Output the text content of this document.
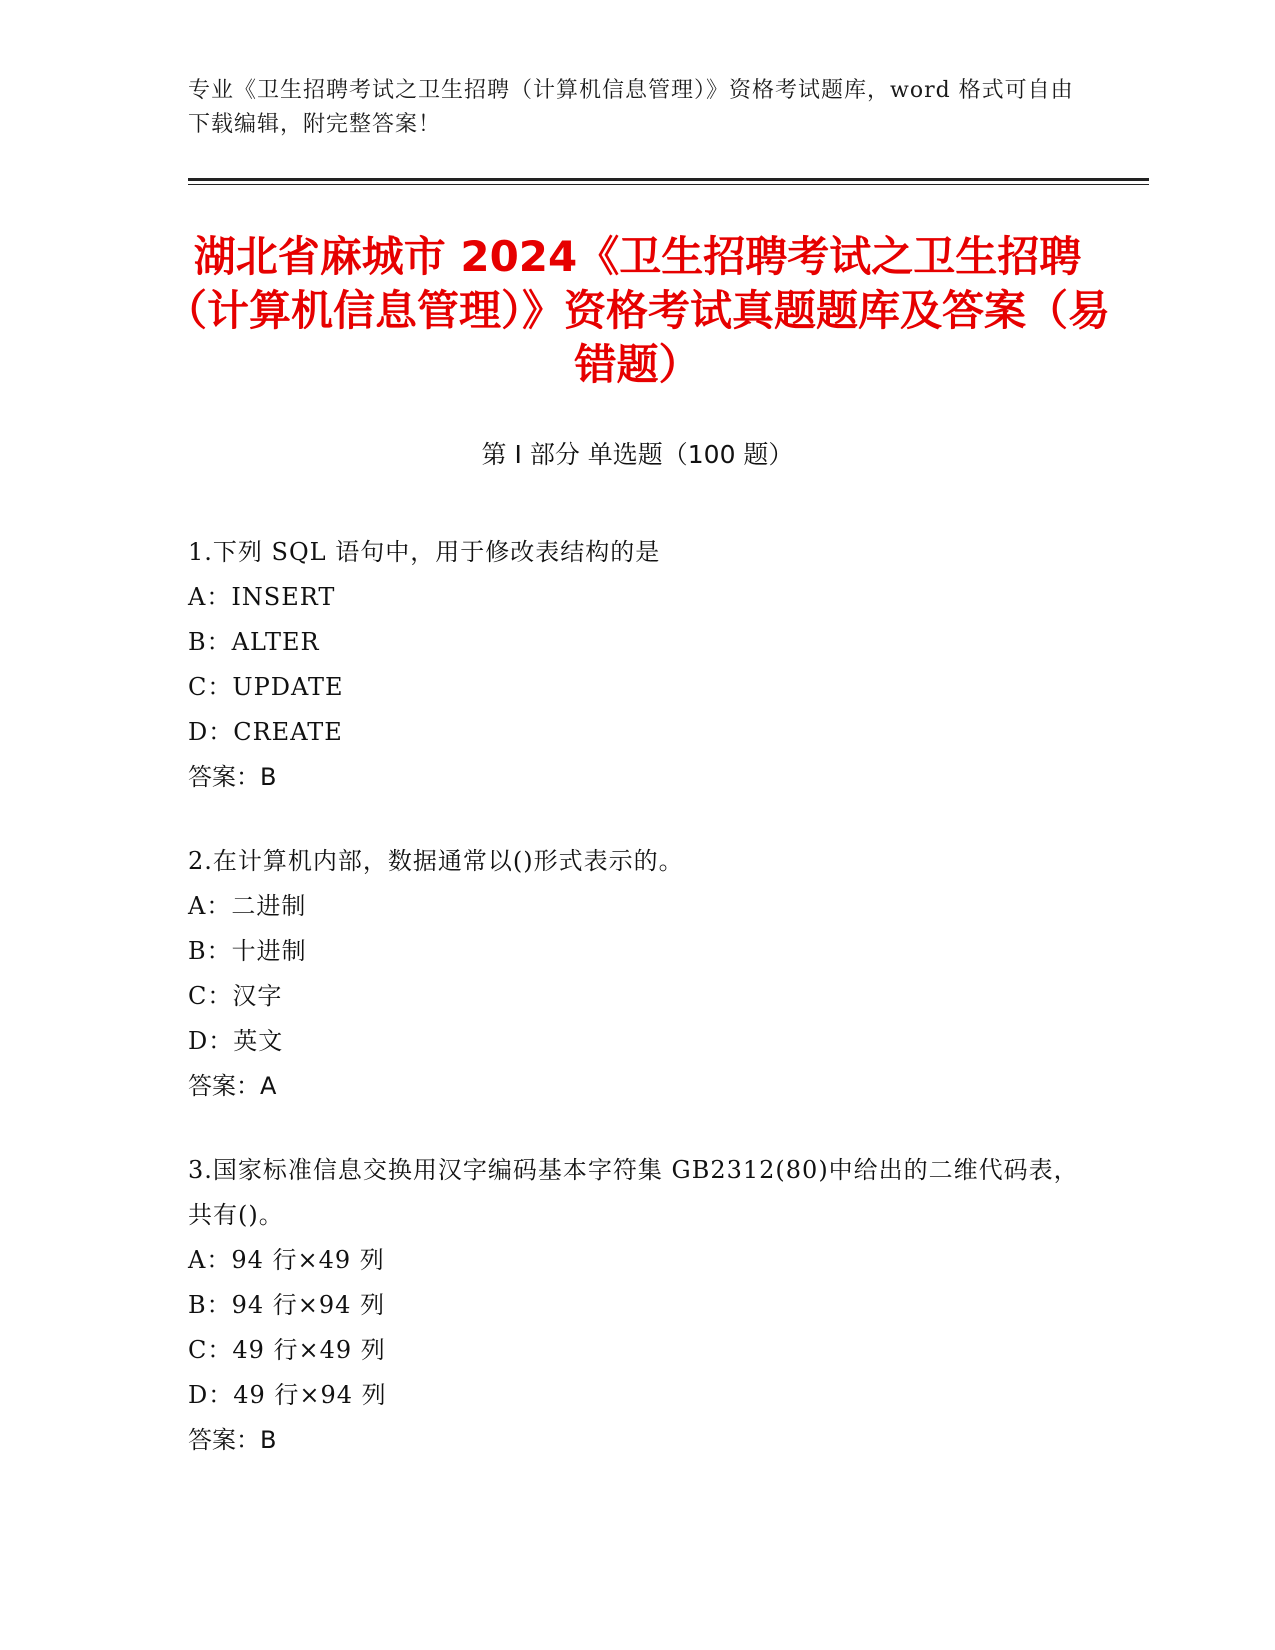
专业《卫生招聘考试之卫生招聘（计算机信息管理）》资格考试题库，word 格式可自由下载编辑，附完整答案！
湖北省麻城市 2024《卫生招聘考试之卫生招聘（计算机信息管理）》资格考试真题题库及答案（易错题）
第 I 部分 单选题（100 题）
1.下列 SQL 语句中，用于修改表结构的是
A：INSERT
B：ALTER
C：UPDATE
D：CREATE
答案：B
2.在计算机内部，数据通常以()形式表示的。
A：二进制
B：十进制
C：汉字
D：英文
答案：A
3.国家标准信息交换用汉字编码基本字符集 GB2312(80)中给出的二维代码表，共有()。
A：94 行×49 列
B：94 行×94 列
C：49 行×49 列
D：49 行×94 列
答案：B
